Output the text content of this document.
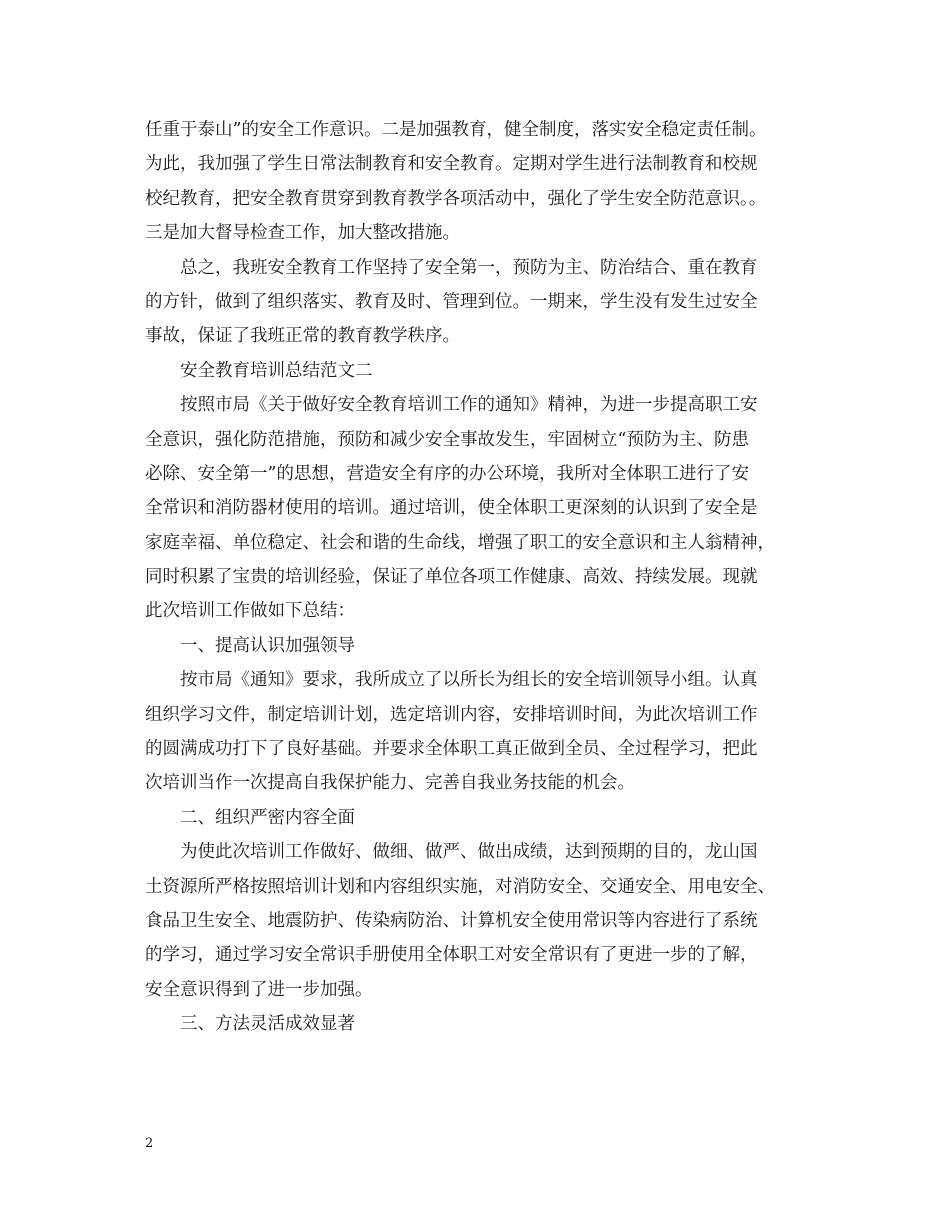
任重于泰山”的安全工作意识。二是加强教育，健全制度，落实安全稳定责任制。
为此，我加强了学生日常法制教育和安全教育。定期对学生进行法制教育和校规
校纪教育，把安全教育贯穿到教育教学各项活动中，强化了学生安全防范意识。。
三是加大督导检查工作，加大整改措施。
总之，我班安全教育工作坚持了安全第一，预防为主、防治结合、重在教育
的方针，做到了组织落实、教育及时、管理到位。一期来，学生没有发生过安全
事故，保证了我班正常的教育教学秩序。
安全教育培训总结范文二
按照市局《关于做好安全教育培训工作的通知》精神，为进一步提高职工安
全意识，强化防范措施，预防和减少安全事故发生，牢固树立“预防为主、防患
必除、安全第一”的思想，营造安全有序的办公环境，我所对全体职工进行了安
全常识和消防器材使用的培训。通过培训，使全体职工更深刻的认识到了安全是
家庭幸福、单位稳定、社会和谐的生命线，增强了职工的安全意识和主人翁精神，
同时积累了宝贵的培训经验，保证了单位各项工作健康、高效、持续发展。现就
此次培训工作做如下总结：
一、提高认识加强领导
按市局《通知》要求，我所成立了以所长为组长的安全培训领导小组。认真
组织学习文件，制定培训计划，选定培训内容，安排培训时间，为此次培训工作
的圆满成功打下了良好基础。并要求全体职工真正做到全员、全过程学习，把此
次培训当作一次提高自我保护能力、完善自我业务技能的机会。
二、组织严密内容全面
为使此次培训工作做好、做细、做严、做出成绩，达到预期的目的，龙山国
土资源所严格按照培训计划和内容组织实施，对消防安全、交通安全、用电安全、
食品卫生安全、地震防护、传染病防治、计算机安全使用常识等内容进行了系统
的学习，通过学习安全常识手册使用全体职工对安全常识有了更进一步的了解，
安全意识得到了进一步加强。
三、方法灵活成效显著
2
